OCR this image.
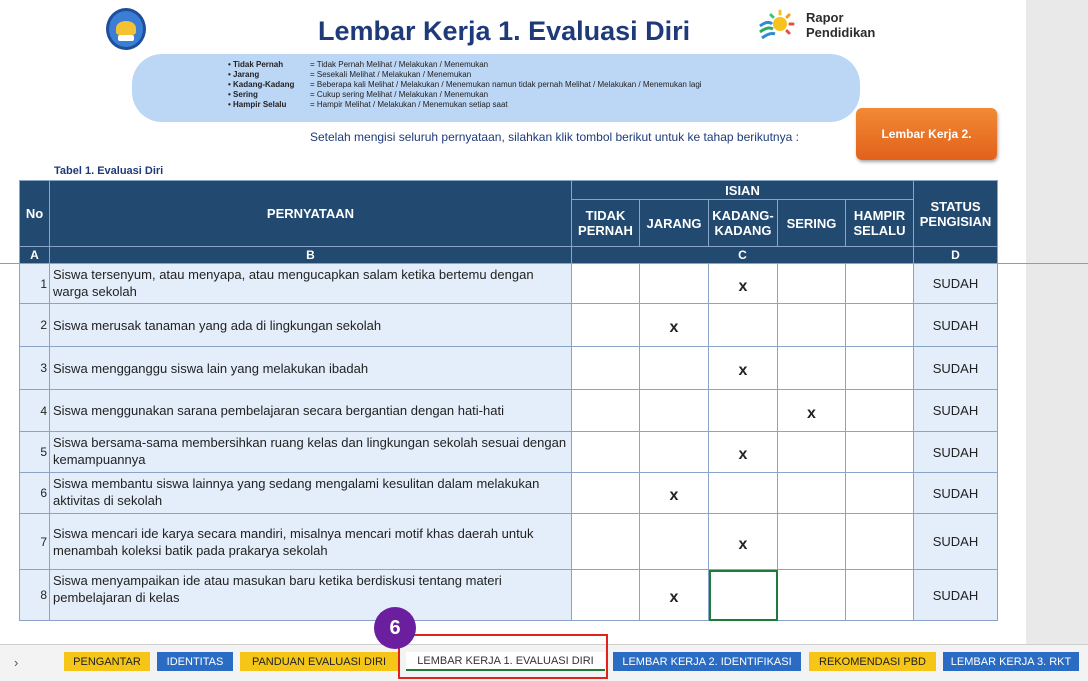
Lembar Kerja 1. Evaluasi Diri	Rapor
Pendidikan
• Tidak Pernah	= Tidak Pernah Melihat / Melakukan / Menemukan
• Jarang	= Sesekali Melihat / Melakukan / Menemukan
• Kadang-Kadang = Beberapa kali Melihat / Melakukan / Menemukan namun tidak pernah Melihat / Melakukan / Menemukan lagi
• Sering	= Cukup sering Melihat / Melakukan / Menemukan
• Hampir Selalu	= Hampir Melihat / Melakukan / Menemukan setiap saat
Setelah mengisi seluruh pernyataan, silahkan klik tombol berikut untuk ke tahap berikutnya :	Lembar Kerja 2.
Tabel 1. Evaluasi Diri
No	PERNYATAAN	ISIAN					STATUS PENGISIAN
		TIDAK PERNAH	JARANG	KADANG-KADANG	SERING	HAMPIR SELALU	
A	B	C					D
1	Siswa tersenyum, atau menyapa, atau mengucapkan salam ketika bertemu dengan warga sekolah			x			SUDAH
2	Siswa merusak tanaman yang ada di lingkungan sekolah		x				SUDAH
3	Siswa mengganggu siswa lain yang melakukan ibadah			x			SUDAH
4	Siswa menggunakan sarana pembelajaran secara bergantian dengan hati-hati				x		SUDAH
5	Siswa bersama-sama membersihkan ruang kelas dan lingkungan sekolah sesuai dengan kemampuannya			x			SUDAH
6	Siswa membantu siswa lainnya yang sedang mengalami kesulitan dalam melakukan aktivitas di sekolah		x				SUDAH
7	Siswa mencari ide karya secara mandiri, misalnya mencari motif khas daerah untuk menambah koleksi batik pada prakarya sekolah			x			SUDAH
8	Siswa menyampaikan ide atau masukan baru ketika berdiskusi tentang materi pembelajaran di kelas		x				SUDAH
›	PENGANTAR	IDENTITAS	PANDUAN EVALUASI DIRI	LEMBAR KERJA 1. EVALUASI DIRI	LEMBAR KERJA 2. IDENTIFIKASI	REKOMENDASI PBD	LEMBAR KERJA 3. RKT
6
